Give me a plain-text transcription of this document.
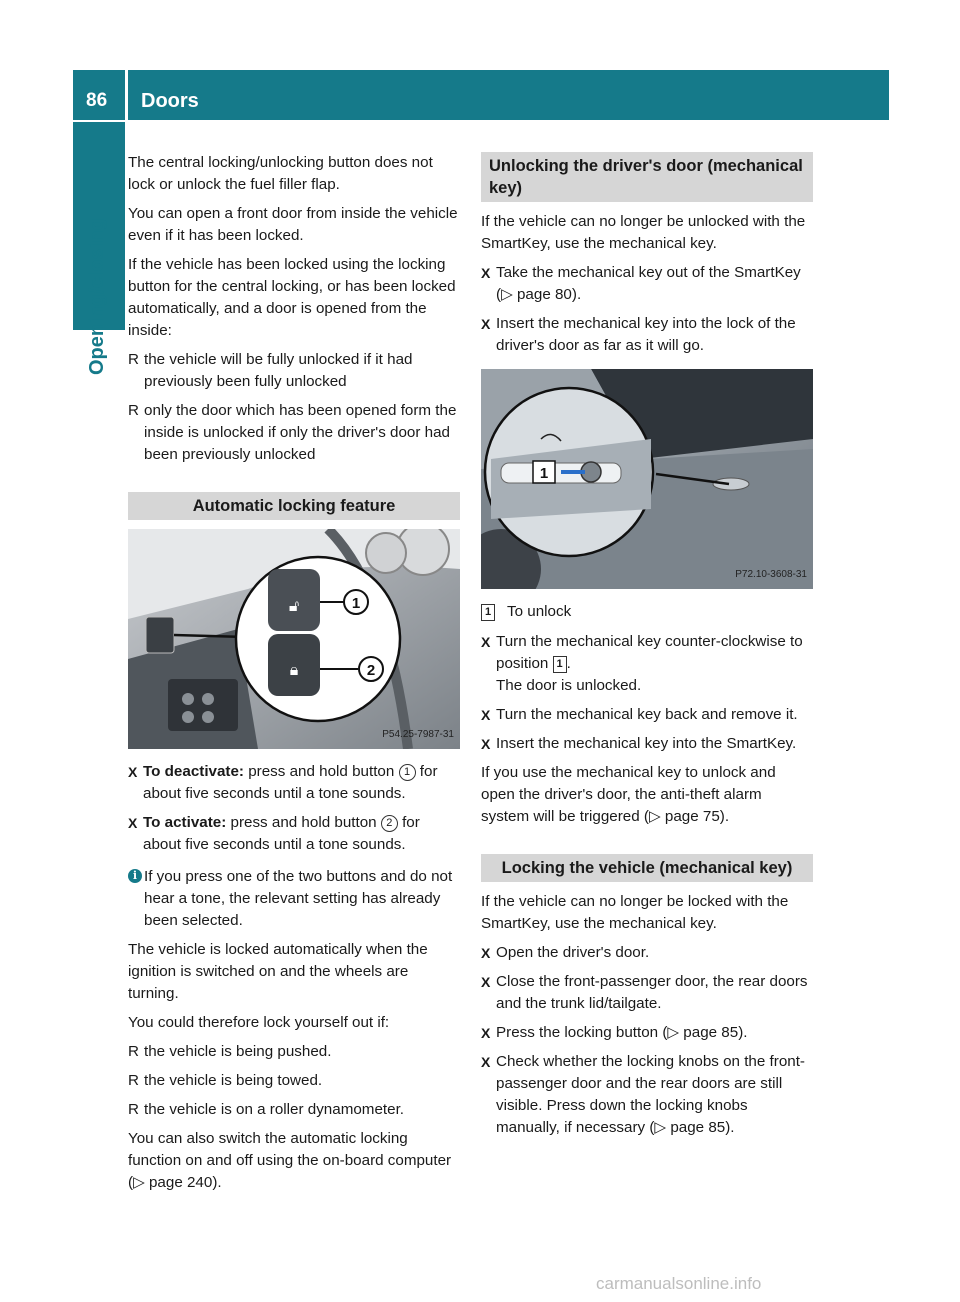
86	Doors
Opening/closing

The central locking/unlocking button does not lock or unlock the fuel filler flap.

You can open a front door from inside the vehicle even if it has been locked.

If the vehicle has been locked using the locking button for the central locking, or has been locked automatically, and a door is opened from the inside:

R the vehicle will be fully unlocked if it had previously been fully unlocked
R only the door which has been opened form the inside is unlocked if only the driver's door had been previously unlocked
Automatic locking feature
🔓︎
🔒︎
1
2
P54.25-7987-31
X To deactivate: press and hold button 1 for about five seconds until a tone sounds.
X To activate: press and hold button 2 for about five seconds until a tone sounds.
i If you press one of the two buttons and do not hear a tone, the relevant setting has already been selected.

The vehicle is locked automatically when the ignition is switched on and the wheels are turning.

You could therefore lock yourself out if:

R the vehicle is being pushed.
R the vehicle is being towed.
R the vehicle is on a roller dynamometer.

You can also switch the automatic locking function on and off using the on-board computer (▷ page 240).

Unlocking the driver's door (mechanical key)

If the vehicle can no longer be unlocked with the SmartKey, use the mechanical key.

X Take the mechanical key out of the SmartKey (▷ page 80).
X Insert the mechanical key into the lock of the driver's door as far as it will go.
1
P72.10-3608-31
1 To unlock
X Turn the mechanical key counter-clockwise to position 1 .
The door is unlocked.
X Turn the mechanical key back and remove it.
X Insert the mechanical key into the SmartKey.

If you use the mechanical key to unlock and open the driver's door, the anti-theft alarm system will be triggered (▷ page 75).

Locking the vehicle (mechanical key)

If the vehicle can no longer be locked with the SmartKey, use the mechanical key.

X Open the driver's door.
X Close the front-passenger door, the rear doors and the trunk lid/tailgate.
X Press the locking button (▷ page 85).
X Check whether the locking knobs on the front-passenger door and the rear doors are still visible. Press down the locking knobs manually, if necessary (▷ page 85).
carmanualsonline.info
